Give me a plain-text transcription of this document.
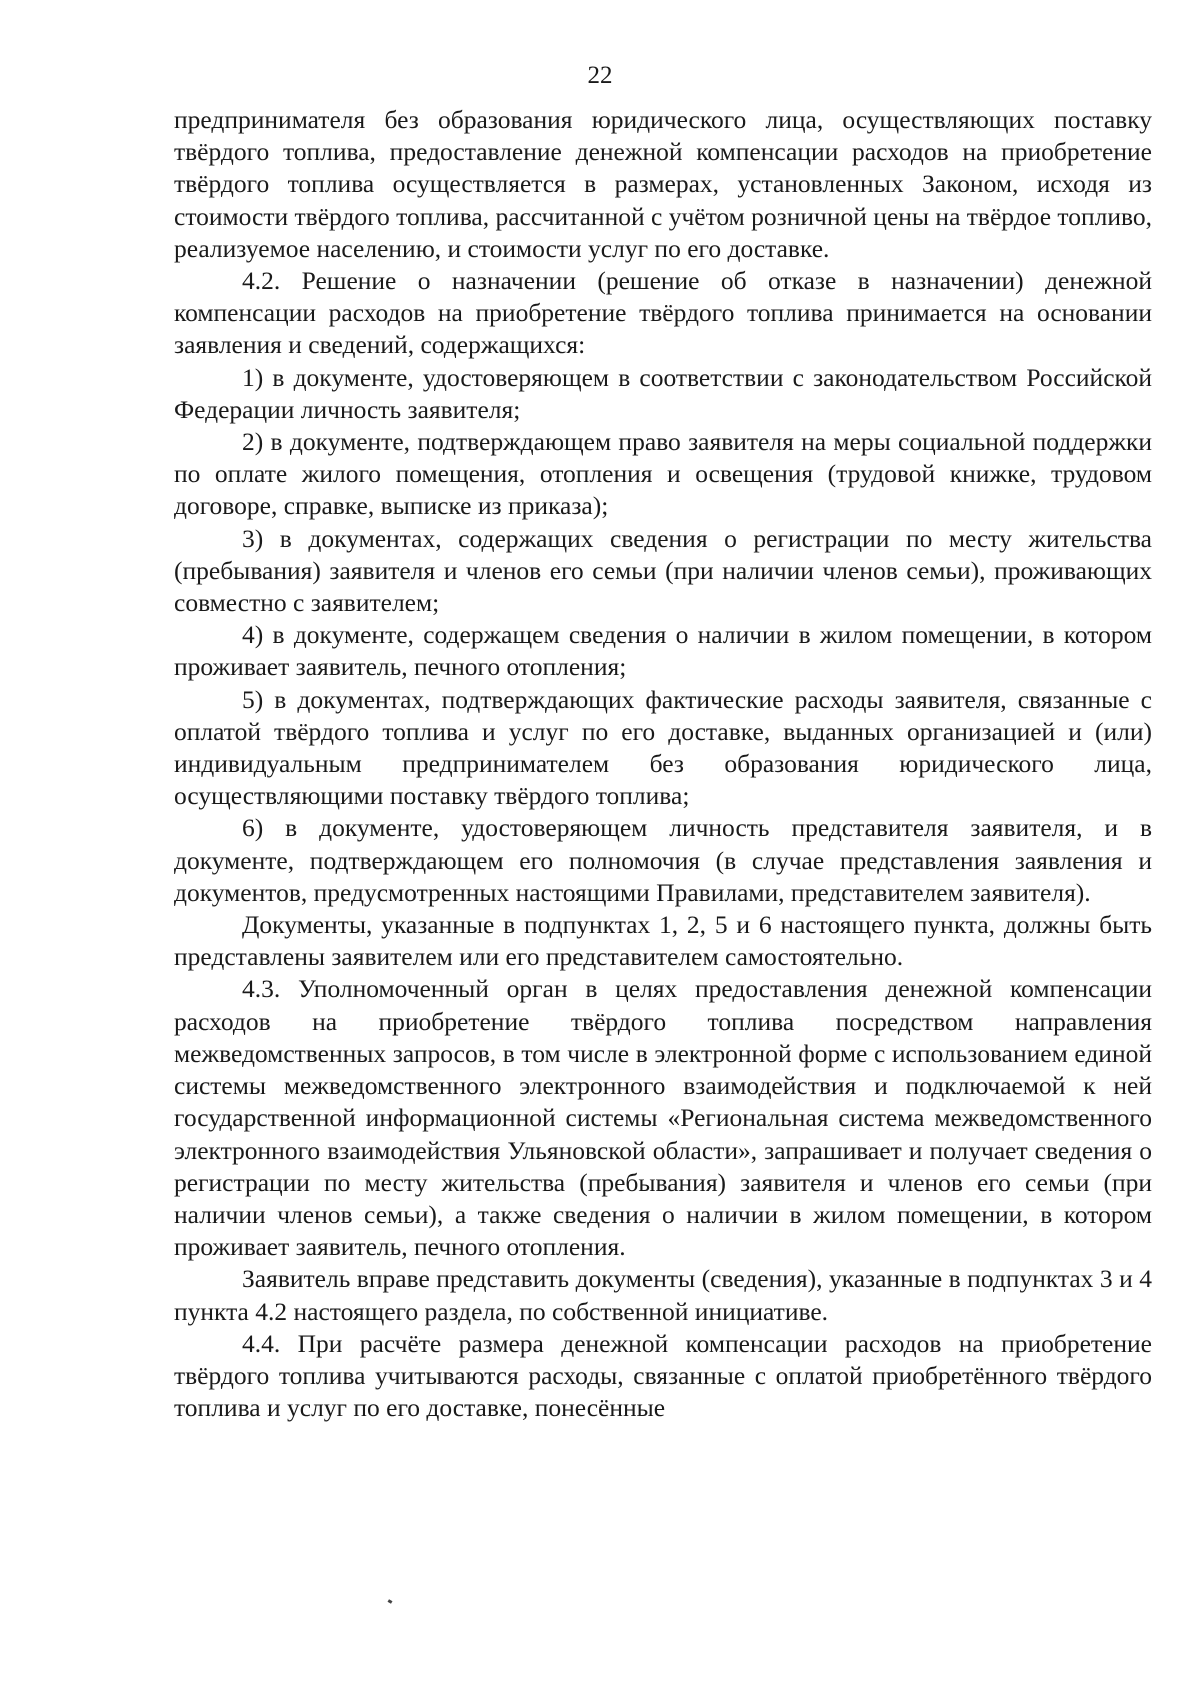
22

предпринимателя без образования юридического лица, осуществляющих поставку твёрдого топлива, предоставление денежной компенсации расходов на приобретение твёрдого топлива осуществляется в размерах, установленных Законом, исходя из стоимости твёрдого топлива, рассчитанной с учётом розничной цены на твёрдое топливо, реализуемое населению, и стоимости услуг по его доставке.

4.2. Решение о назначении (решение об отказе в назначении) денежной компенсации расходов на приобретение твёрдого топлива принимается на основании заявления и сведений, содержащихся:

1) в документе, удостоверяющем в соответствии с законодательством Российской Федерации личность заявителя;

2) в документе, подтверждающем право заявителя на меры социальной поддержки по оплате жилого помещения, отопления и освещения (трудовой книжке, трудовом договоре, справке, выписке из приказа);

3) в документах, содержащих сведения о регистрации по месту жительства (пребывания) заявителя и членов его семьи (при наличии членов семьи), проживающих совместно с заявителем;

4) в документе, содержащем сведения о наличии в жилом помещении, в котором проживает заявитель, печного отопления;

5) в документах, подтверждающих фактические расходы заявителя, связанные с оплатой твёрдого топлива и услуг по его доставке, выданных организацией и (или) индивидуальным предпринимателем без образования юридического лица, осуществляющими поставку твёрдого топлива;

6) в документе, удостоверяющем личность представителя заявителя, и в документе, подтверждающем его полномочия (в случае представления заявления и документов, предусмотренных настоящими Правилами, представителем заявителя).

Документы, указанные в подпунктах 1, 2, 5 и 6 настоящего пункта, должны быть представлены заявителем или его представителем самостоятельно.

4.3. Уполномоченный орган в целях предоставления денежной компенсации расходов на приобретение твёрдого топлива посредством направления межведомственных запросов, в том числе в электронной форме с использованием единой системы межведомственного электронного взаимодействия и подключаемой к ней государственной информационной системы «Региональная система межведомственного электронного взаимодействия Ульяновской области», запрашивает и получает сведения о регистрации по месту жительства (пребывания) заявителя и членов его семьи (при наличии членов семьи), а также сведения о наличии в жилом помещении, в котором проживает заявитель, печного отопления.

Заявитель вправе представить документы (сведения), указанные в подпунктах 3 и 4 пункта 4.2 настоящего раздела, по собственной инициативе.

4.4. При расчёте размера денежной компенсации расходов на приобретение твёрдого топлива учитываются расходы, связанные с оплатой приобретённого твёрдого топлива и услуг по его доставке, понесённые
